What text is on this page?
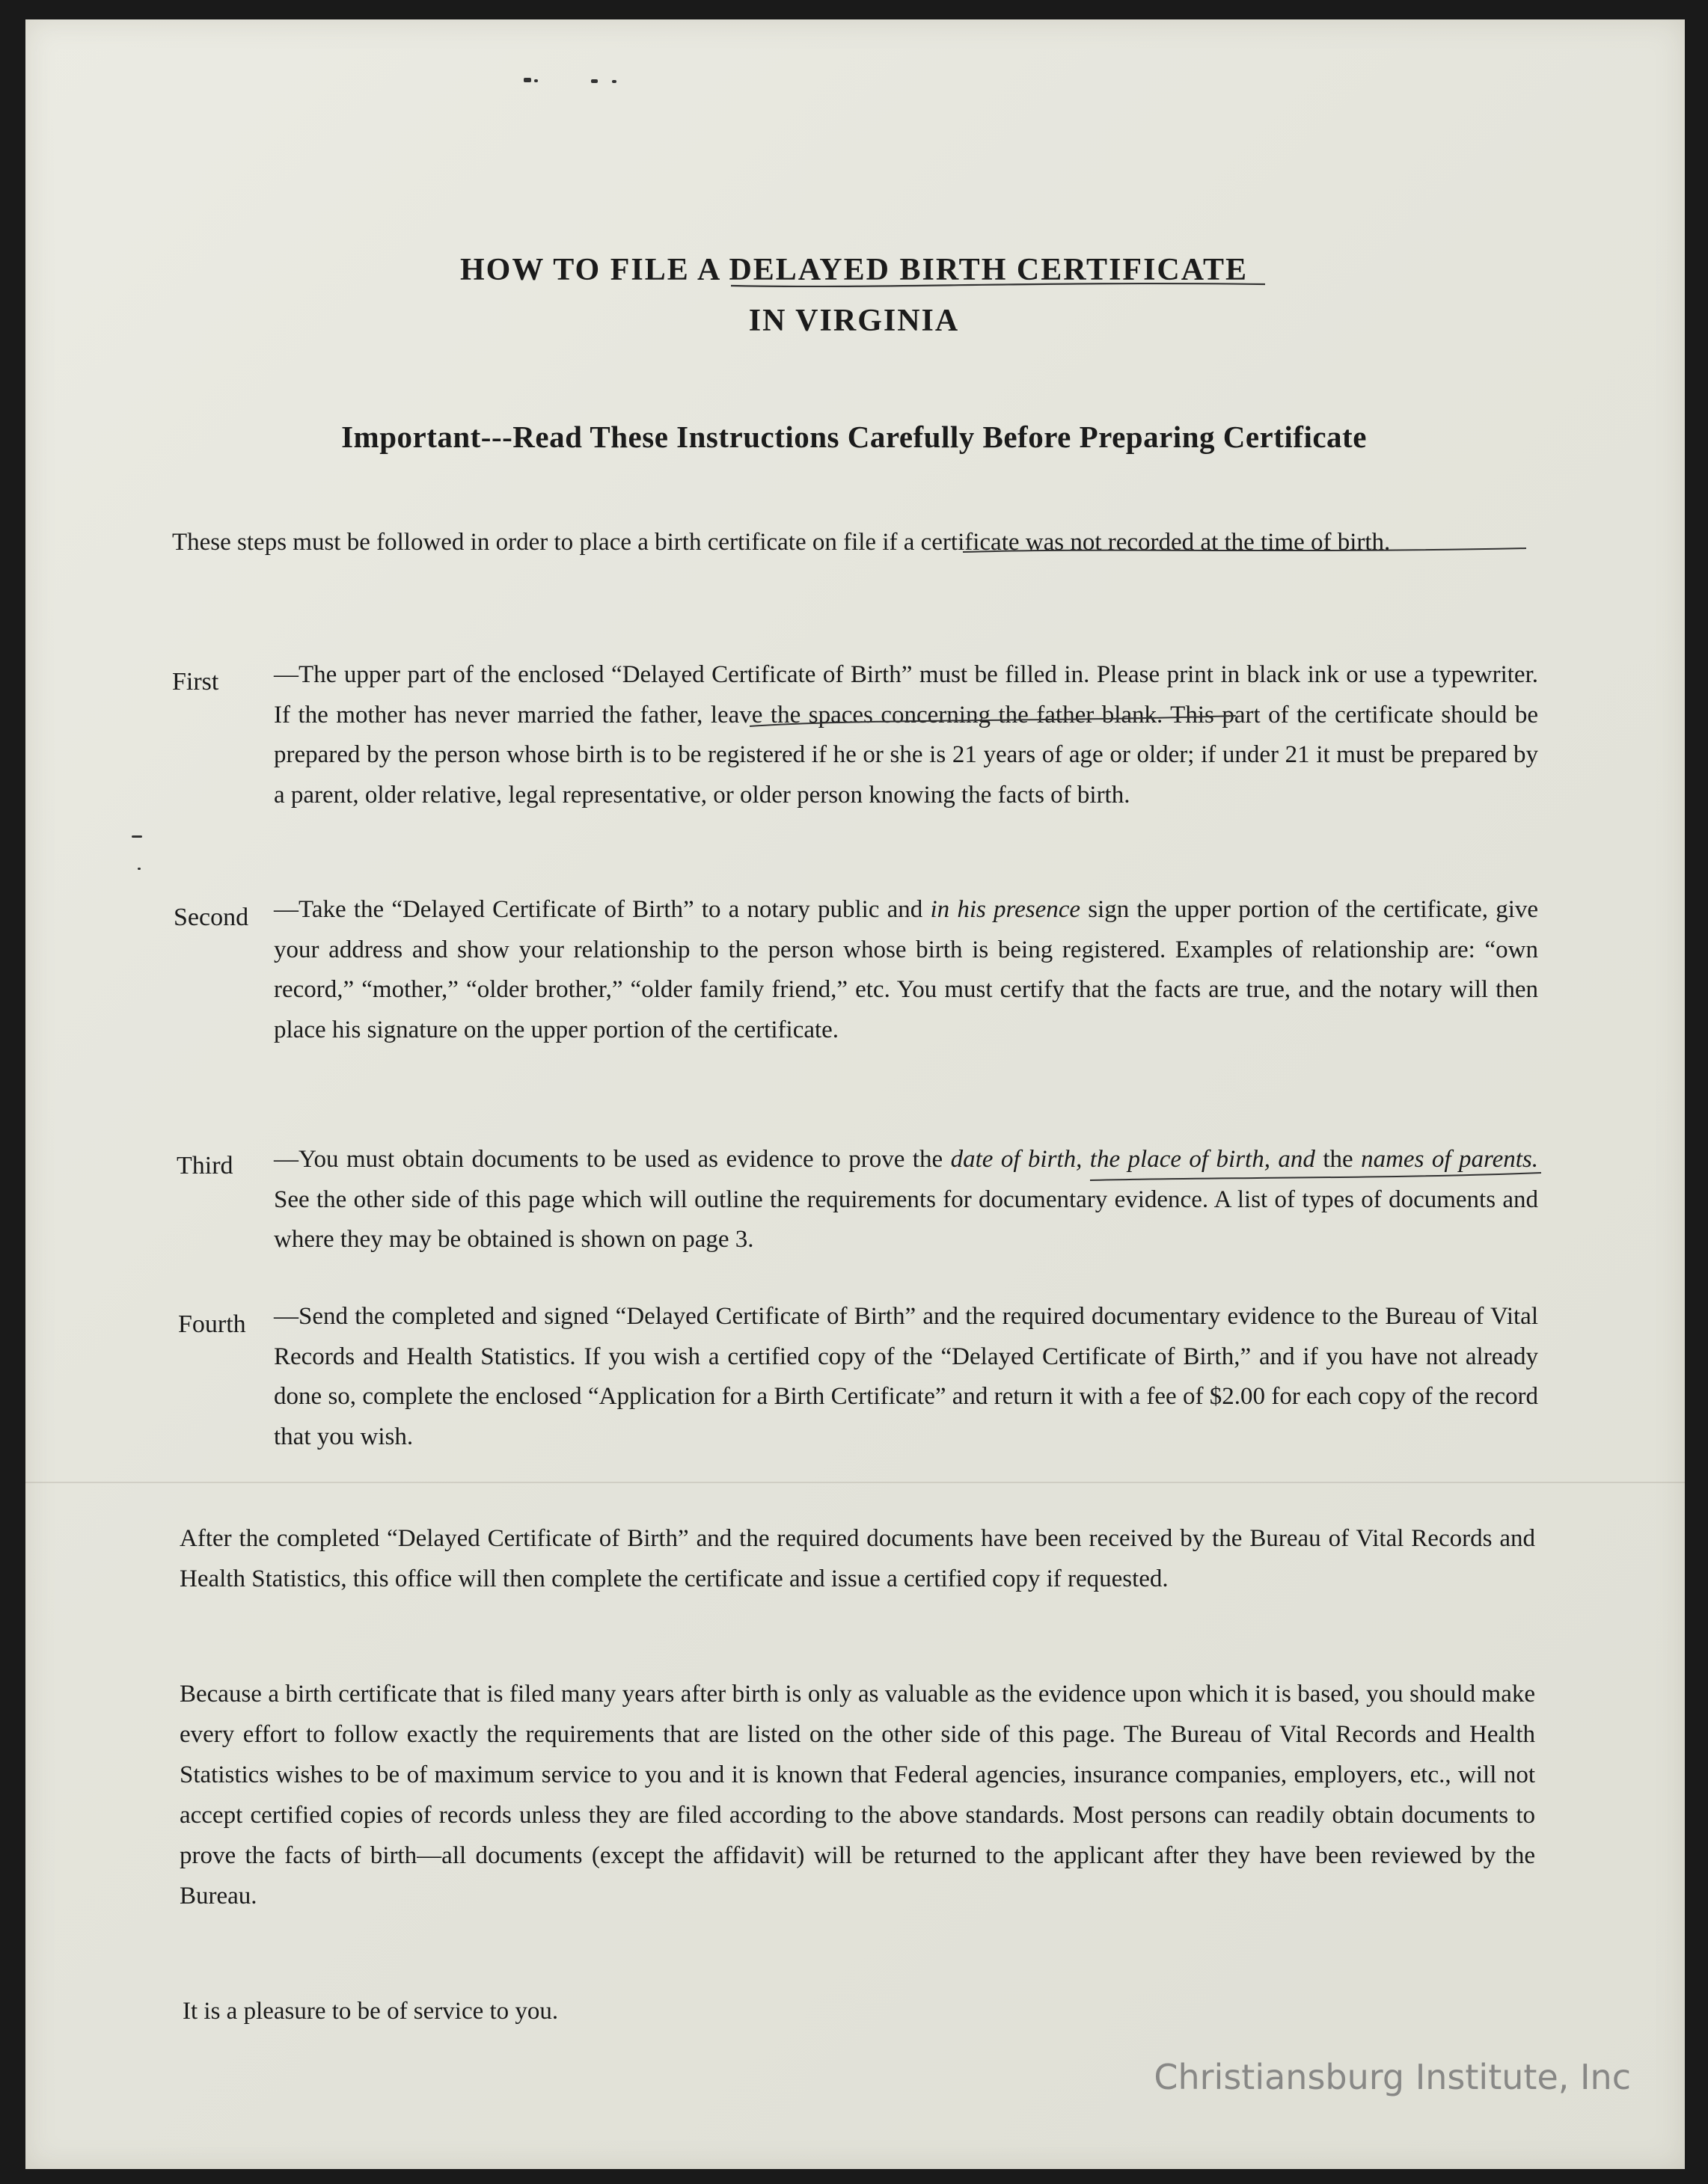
HOW TO FILE A DELAYED BIRTH CERTIFICATE
IN VIRGINIA
Important---Read These Instructions Carefully Before Preparing Certificate
These steps must be followed in order to place a birth certificate on file if a certificate was not recorded at the time of birth.
First —The upper part of the enclosed “Delayed Certificate of Birth” must be filled in. Please print in black ink or use a typewriter. If the mother has never married the father, leave the spaces concerning the father blank. This part of the certificate should be prepared by the person whose birth is to be registered if he or she is 21 years of age or older; if under 21 it must be prepared by a parent, older relative, legal representative, or older person knowing the facts of birth.
Second —Take the “Delayed Certificate of Birth” to a notary public and in his presence sign the upper portion of the certificate, give your address and show your relationship to the person whose birth is being registered. Examples of relationship are: “own record,” “mother,” “older brother,” “older family friend,” etc. You must certify that the facts are true, and the notary will then place his signature on the upper portion of the certificate.
Third —You must obtain documents to be used as evidence to prove the date of birth, the place of birth, and the names of parents. See the other side of this page which will outline the requirements for documentary evidence. A list of types of documents and where they may be obtained is shown on page 3.
Fourth —Send the completed and signed “Delayed Certificate of Birth” and the required documentary evidence to the Bureau of Vital Records and Health Statistics. If you wish a certified copy of the “Delayed Certificate of Birth,” and if you have not already done so, complete the enclosed “Application for a Birth Certificate” and return it with a fee of $2.00 for each copy of the record that you wish.
After the completed “Delayed Certificate of Birth” and the required documents have been received by the Bureau of Vital Records and Health Statistics, this office will then complete the certificate and issue a certified copy if requested.
Because a birth certificate that is filed many years after birth is only as valuable as the evidence upon which it is based, you should make every effort to follow exactly the requirements that are listed on the other side of this page. The Bureau of Vital Records and Health Statistics wishes to be of maximum service to you and it is known that Federal agencies, insurance companies, employers, etc., will not accept certified copies of records unless they are filed according to the above standards. Most persons can readily obtain documents to prove the facts of birth—all documents (except the affidavit) will be returned to the applicant after they have been reviewed by the Bureau.
It is a pleasure to be of service to you.
Christiansburg Institute, Inc
